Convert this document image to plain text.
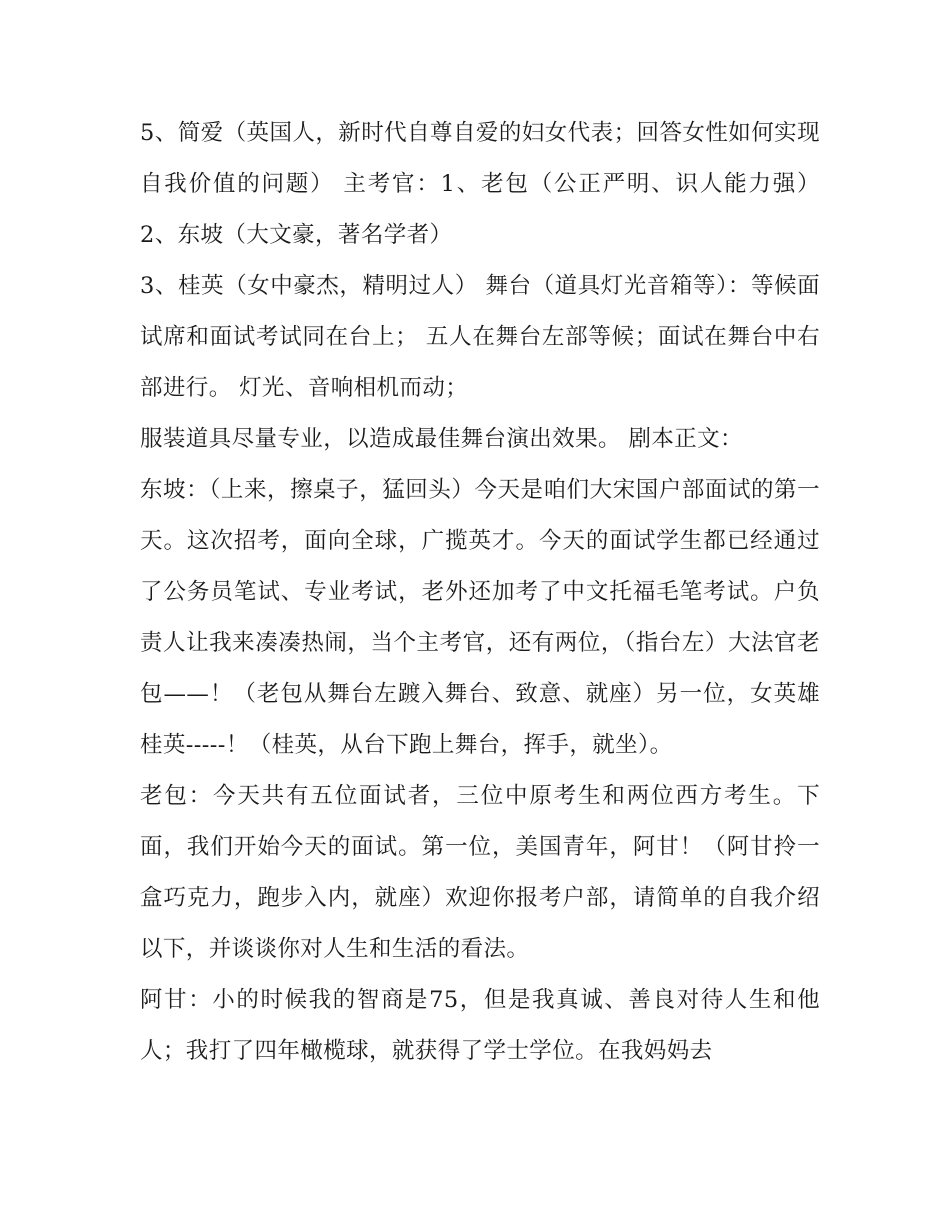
5、简爱（英国人，新时代自尊自爱的妇女代表；回答女性如何实现自我价值的问题） 主考官：1、老包（公正严明、识人能力强） 2、东坡（大文豪，著名学者）

3、桂英（女中豪杰，精明过人） 舞台（道具灯光音箱等）：等候面试席和面试考试同在台上； 五人在舞台左部等候；面试在舞台中右部进行。 灯光、音响相机而动；

服装道具尽量专业，以造成最佳舞台演出效果。 剧本正文：

东坡：（上来，擦桌子，猛回头）今天是咱们大宋国户部面试的第一天。这次招考，面向全球，广揽英才。今天的面试学生都已经通过了公务员笔试、专业考试，老外还加考了中文托福毛笔考试。户负责人让我来凑凑热闹，当个主考官，还有两位，（指台左）大法官老包——！（老包从舞台左踱入舞台、致意、就座）另一位，女英雄桂英-----！（桂英，从台下跑上舞台，挥手，就坐）。

老包：今天共有五位面试者，三位中原考生和两位西方考生。下面，我们开始今天的面试。第一位，美国青年，阿甘！（阿甘拎一盒巧克力，跑步入内，就座）欢迎你报考户部，请简单的自我介绍以下，并谈谈你对人生和生活的看法。

阿甘：小的时候我的智商是75，但是我真诚、善良对待人生和他人；我打了四年橄榄球，就获得了学士学位。在我妈妈去
